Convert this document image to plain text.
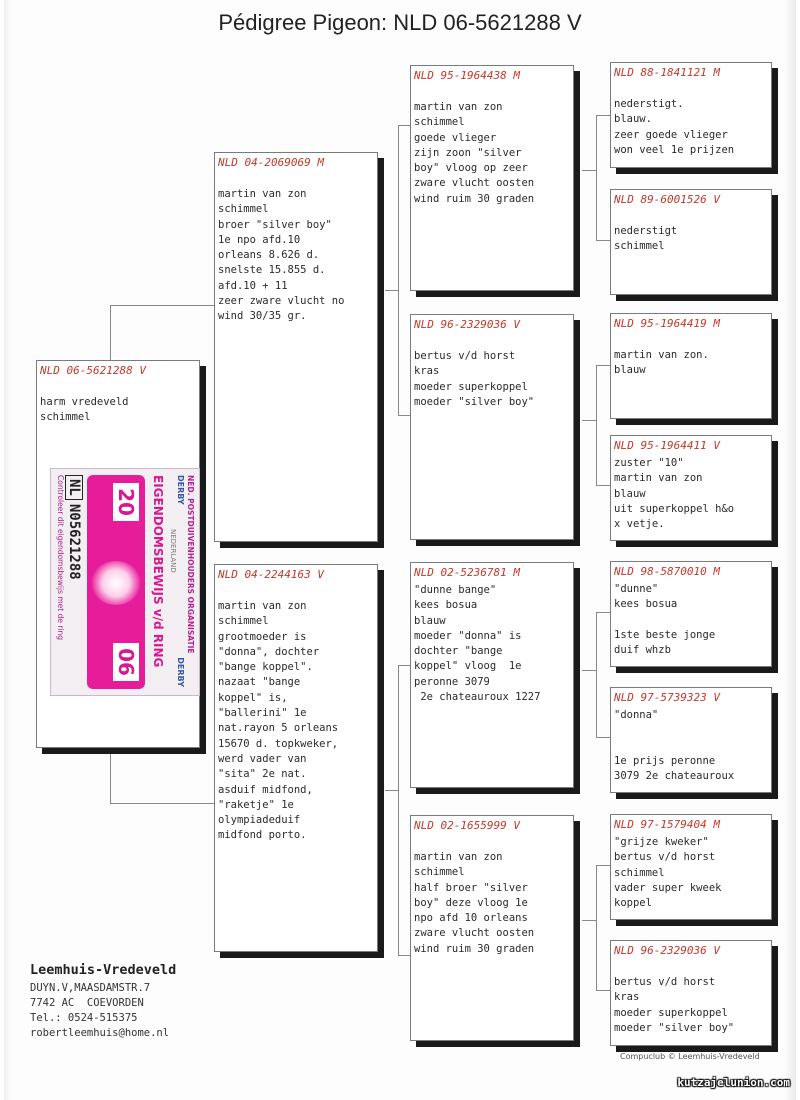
Pédigree Pigeon: NLD 06-5621288 V
NLD 06-5621288 V
harm vredeveld
schimmel
NED. POSTDUIVENHOUDERS ORGANISATIE
DERBY
DERBY
NEDERLAND
EIGENDOMSBEWIJS v/d RING
20
06
NLN05621288
Controleer dit eigendomsbewijs met de ring
NLD 04-2069069 M
martin van zon
schimmel
broer "silver boy"
1e npo afd.10
orleans 8.626 d.
snelste 15.855 d.
afd.10 + 11
zeer zware vlucht no
wind 30/35 gr.
NLD 04-2244163 V
martin van zon
schimmel
grootmoeder is
"donna", dochter
"bange koppel".
nazaat "bange
koppel" is,
"ballerini" 1e
nat.rayon 5 orleans
15670 d. topkweker,
werd vader van
"sita" 2e nat.
asduif midfond,
"raketje" 1e
olympiadeduif
midfond porto.
NLD 95-1964438 M
martin van zon
schimmel
goede vlieger
zijn zoon "silver
boy" vloog op zeer
zware vlucht oosten
wind ruim 30 graden
NLD 96-2329036 V
bertus v/d horst
kras
moeder superkoppel
moeder "silver boy"
NLD 02-5236781 M
"dunne bange"
kees bosua
blauw
moeder "donna" is
dochter "bange
koppel" vloog  1e
peronne 3079
2e chateauroux 1227
NLD 02-1655999 V
martin van zon
schimmel
half broer "silver
boy" deze vloog 1e
npo afd 10 orleans
zware vlucht oosten
wind ruim 30 graden
NLD 88-1841121 M
nederstigt.
blauw.
zeer goede vlieger
won veel 1e prijzen
NLD 89-6001526 V
nederstigt
schimmel
NLD 95-1964419 M
martin van zon.
blauw
NLD 95-1964411 V
zuster "10"
martin van zon
blauw
uit superkoppel h&o
x vetje.
NLD 98-5870010 M
"dunne"
kees bosua

1ste beste jonge
duif whzb
NLD 97-5739323 V
"donna"

1e prijs peronne
3079 2e chateauroux
NLD 97-1579404 M
"grijze kweker"
bertus v/d horst
schimmel
vader super kweek
koppel
NLD 96-2329036 V
bertus v/d horst
kras
moeder superkoppel
moeder "silver boy"
Leemhuis-Vredeveld
DUYN.V,MAASDAMSTR.7
7742 AC  COEVORDEN
Tel.: 0524-515375
robertleemhuis@home.nl
Compuclub © Leemhuis-Vredeveld
kutzajelunion.com
